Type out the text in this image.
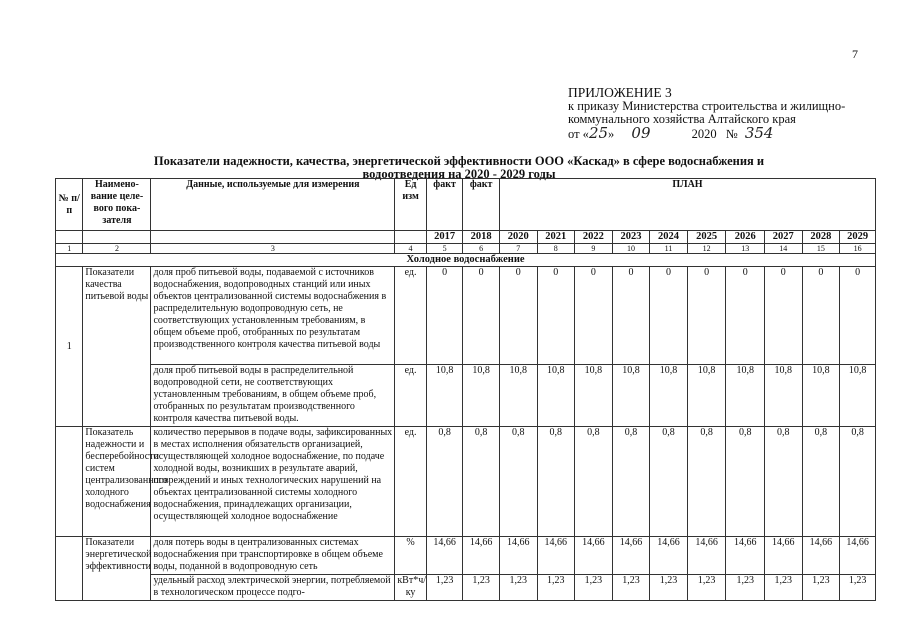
7
ПРИЛОЖЕНИЕ 3
к приказу Министерства строительства и жилищно-
коммунального хозяйства Алтайского края
от «25» 09	2020 № 354
Показатели надежности, качества, энергетической эффективности ООО «Каскад» в сфере водоснабжения и
водоотведения на 2020 - 2029 годы
№ п/п	Наимено-вание целе-вого пока-зателя	Данные, используемые для измерения	Ед изм	факт	факт	ПЛАН									
				2017	2018	2020	2021	2022	2023	2024	2025	2026	2027	2028	2029
1	2	3	4	5	6	7	8	9	10	11	12	13	14	15	16
Холодное водоснабжение															
1	Показатели качества питьевой воды	доля проб питьевой воды, подаваемой с источников водоснабжения, водопроводных станций или иных объектов централизованной системы водоснабжения в распределительную водопроводную сеть, не соответствующих установленным требованиям, в общем объеме проб, отобранных по результатам производственного контроля качества питьевой воды	ед.	0	0	0	0	0	0	0	0	0	0	0	0
		доля проб питьевой воды в распределительной водопроводной сети, не соответствующих установленным требованиям, в общем объеме проб, отобранных по результатам производственного контроля качества питьевой воды.	ед.	10,8	10,8	10,8	10,8	10,8	10,8	10,8	10,8	10,8	10,8	10,8	10,8
	Показатель надежности и бесперебойности систем централизованного холодного водоснабжения	количество перерывов в подаче воды, зафиксированных в местах исполнения обязательств организацией, осуществляющей холодное водоснабжение, по подаче холодной воды, возникших в результате аварий, повреждений и иных технологических нарушений на объектах централизованной системы холодного водоснабжения, принадлежащих организации, осуществляющей холодное водоснабжение	ед.	0,8	0,8	0,8	0,8	0,8	0,8	0,8	0,8	0,8	0,8	0,8	0,8
	Показатели энергетической эффективности	доля потерь воды в централизованных системах водоснабжения при транспортировке в общем объеме воды, поданной в водопроводную сеть	%	14,66	14,66	14,66	14,66	14,66	14,66	14,66	14,66	14,66	14,66	14,66	14,66
		удельный расход электрической энергии, потребляемой в технологическом процессе подго-	кВт*ч/ку	1,23	1,23	1,23	1,23	1,23	1,23	1,23	1,23	1,23	1,23	1,23	1,23
